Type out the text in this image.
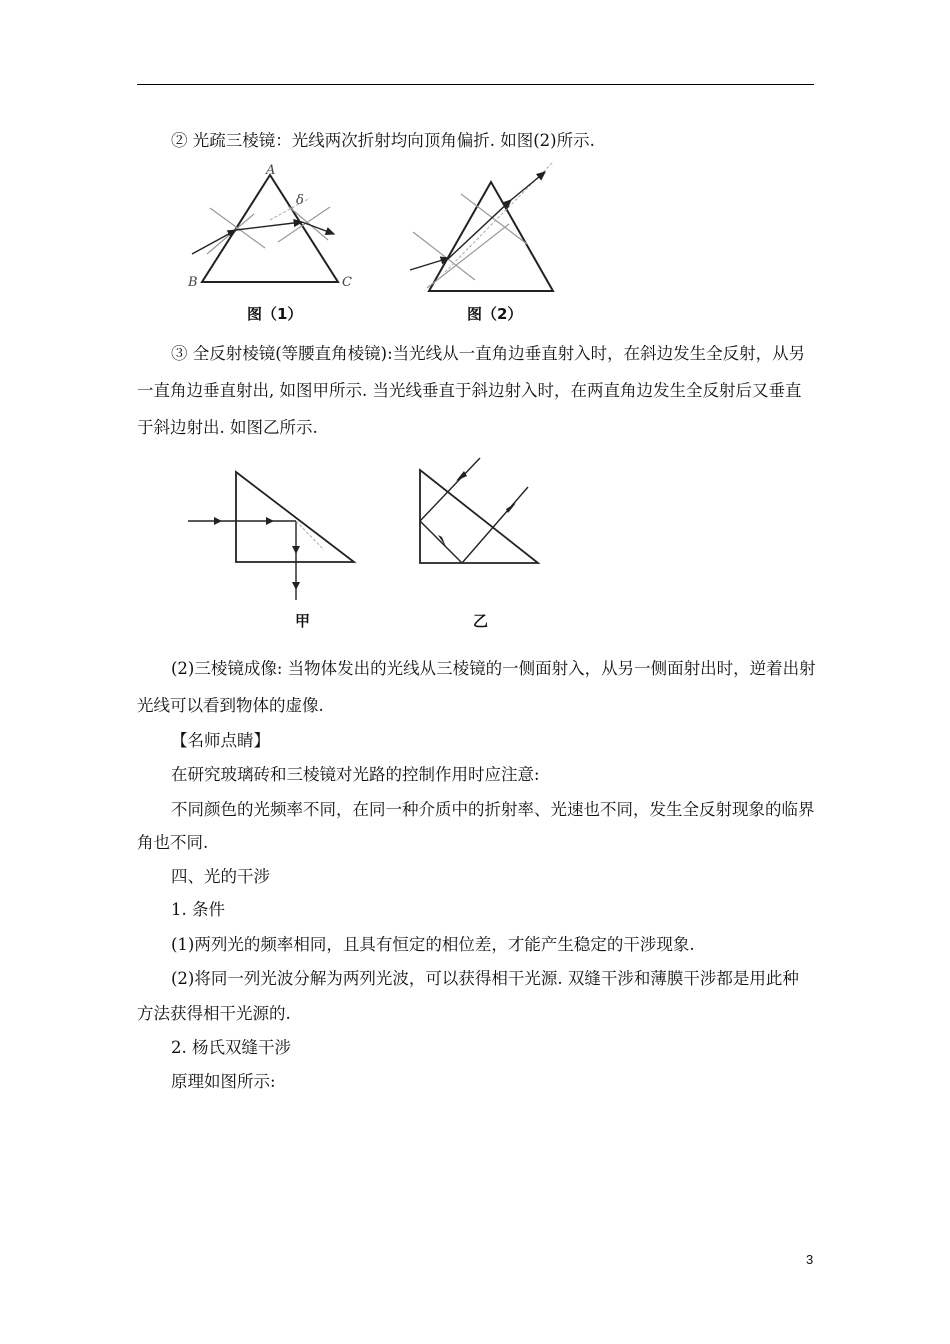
② 光疏三棱镜：光线两次折射均向顶角偏折. 如图(2)所示.
A
B	C
δ
图（1）	图（2）
③ 全反射棱镜(等腰直角棱镜):当光线从一直角边垂直射入时，在斜边发生全反射，从另
一直角边垂直射出, 如图甲所示. 当光线垂直于斜边射入时，在两直角边发生全反射后又垂直
于斜边射出. 如图乙所示.
甲	乙
(2)三棱镜成像: 当物体发出的光线从三棱镜的一侧面射入，从另一侧面射出时，逆着出射
光线可以看到物体的虚像.
【名师点睛】
在研究玻璃砖和三棱镜对光路的控制作用时应注意:
不同颜色的光频率不同，在同一种介质中的折射率、光速也不同，发生全反射现象的临界
角也不同.
四、光的干涉
1. 条件
(1)两列光的频率相同，且具有恒定的相位差，才能产生稳定的干涉现象.
(2)将同一列光波分解为两列光波，可以获得相干光源. 双缝干涉和薄膜干涉都是用此种
方法获得相干光源的.
2. 杨氏双缝干涉
原理如图所示:
3
